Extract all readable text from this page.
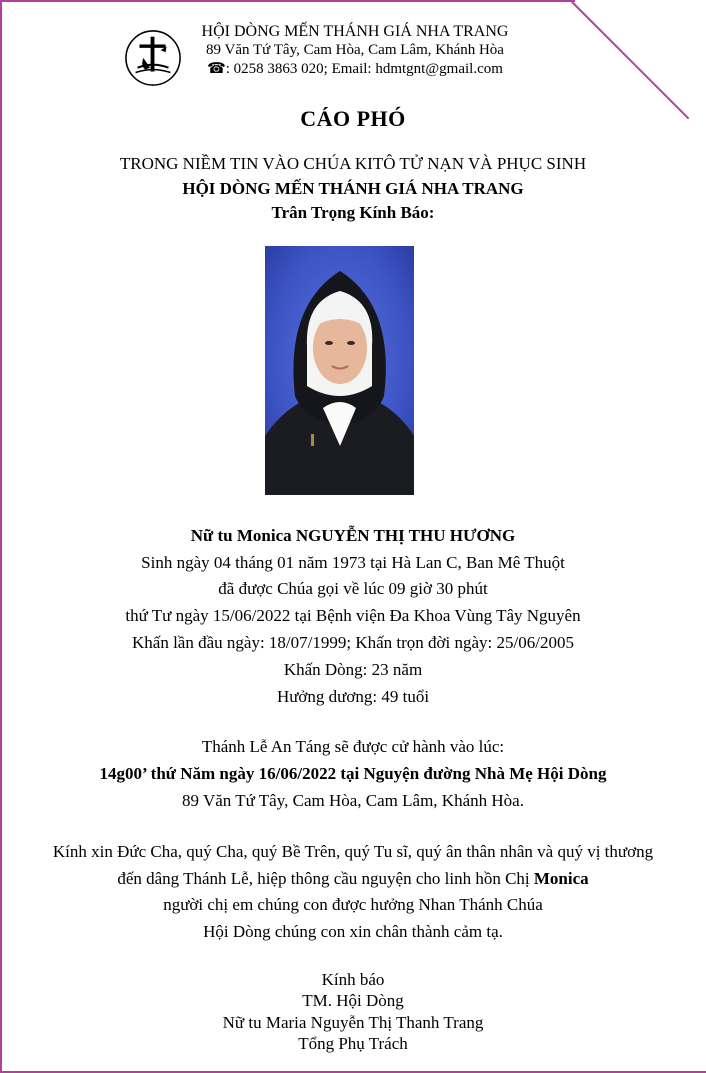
HỘI DÒNG MẾN THÁNH GIÁ NHA TRANG
89 Văn Tứ Tây, Cam Hòa, Cam Lâm, Khánh Hòa
☎: 0258 3863 020; Email: hdmtgnt@gmail.com
CÁO PHÓ
TRONG NIỀM TIN VÀO CHÚA KITÔ TỬ NẠN VÀ PHỤC SINH
HỘI DÒNG MẾN THÁNH GIÁ NHA TRANG
Trân Trọng Kính Báo:
Nữ tu Monica NGUYỄN THỊ THU HƯƠNG
Sinh ngày 04 tháng 01 năm 1973 tại Hà Lan C, Ban Mê Thuột
đã được Chúa gọi về lúc 09 giờ 30 phút
thứ Tư ngày 15/06/2022 tại Bệnh viện Đa Khoa Vùng Tây Nguyên
Khấn lần đầu ngày: 18/07/1999; Khấn trọn đời ngày: 25/06/2005
Khấn Dòng: 23 năm
Hưởng dương: 49 tuổi
Thánh Lễ An Táng sẽ được cử hành vào lúc:
14g00’ thứ Năm ngày 16/06/2022 tại Nguyện đường Nhà Mẹ Hội Dòng
89 Văn Tứ Tây, Cam Hòa, Cam Lâm, Khánh Hòa.
Kính xin Đức Cha, quý Cha, quý Bề Trên, quý Tu sĩ, quý ân thân nhân và quý vị thương
đến dâng Thánh Lễ, hiệp thông cầu nguyện cho linh hồn Chị Monica
người chị em chúng con được hưởng Nhan Thánh Chúa
Hội Dòng chúng con xin chân thành cảm tạ.
Kính báo
TM. Hội Dòng
Nữ tu Maria Nguyễn Thị Thanh Trang
Tổng Phụ Trách
